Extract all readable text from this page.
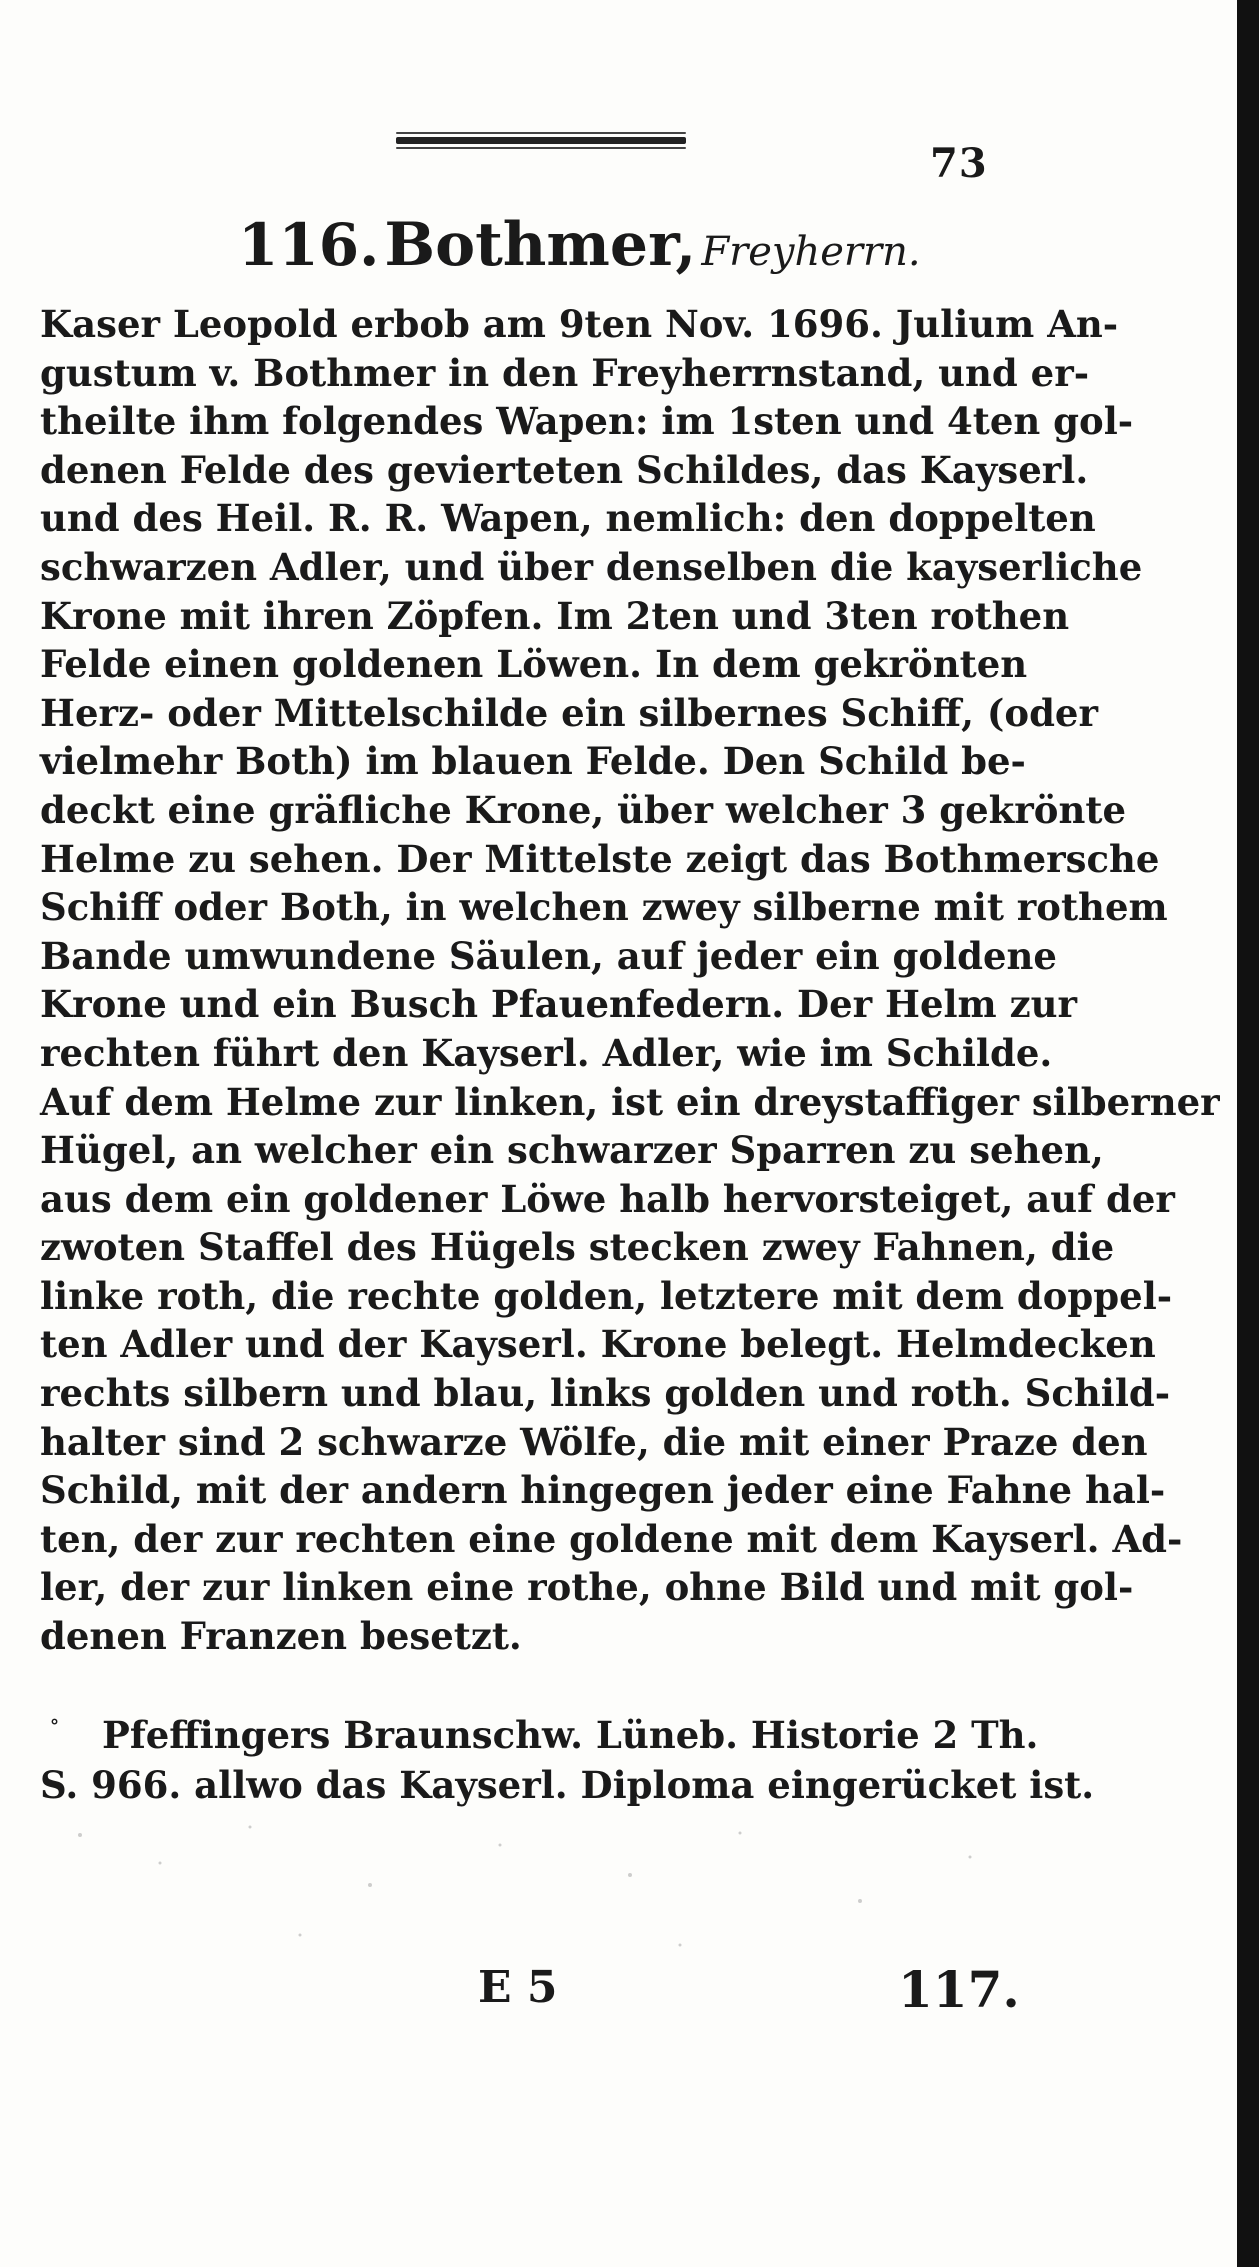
73
116. Bothmer, Freyherrn.
Kaser Leopold erbob am 9ten Nov. 1696. Julium An-
gustum v. Bothmer in den Freyherrnstand, und er-
theilte ihm folgendes Wapen: im 1sten und 4ten gol-
denen Felde des gevierteten Schildes, das Kayserl.
und des Heil. R. R. Wapen, nemlich: den doppelten
schwarzen Adler, und über denselben die kayserliche
Krone mit ihren Zöpfen. Im 2ten und 3ten rothen
Felde einen goldenen Löwen. In dem gekrönten
Herz- oder Mittelschilde ein silbernes Schiff, (oder
vielmehr Both) im blauen Felde. Den Schild be-
deckt eine gräfliche Krone, über welcher 3 gekrönte
Helme zu sehen. Der Mittelste zeigt das Bothmersche
Schiff oder Both, in welchen zwey silberne mit rothem
Bande umwundene Säulen, auf jeder ein goldene
Krone und ein Busch Pfauenfedern. Der Helm zur
rechten führt den Kayserl. Adler, wie im Schilde.
Auf dem Helme zur linken, ist ein dreystaffiger silberner
Hügel, an welcher ein schwarzer Sparren zu sehen,
aus dem ein goldener Löwe halb hervorsteiget, auf der
zwoten Staffel des Hügels stecken zwey Fahnen, die
linke roth, die rechte golden, letztere mit dem doppel-
ten Adler und der Kayserl. Krone belegt. Helmdecken
rechts silbern und blau, links golden und roth. Schild-
halter sind 2 schwarze Wölfe, die mit einer Praze den
Schild, mit der andern hingegen jeder eine Fahne hal-
ten, der zur rechten eine goldene mit dem Kayserl. Ad-
ler, der zur linken eine rothe, ohne Bild und mit gol-
denen Franzen besetzt.
° Pfeffingers Braunschw. Lüneb. Historie 2 Th.
S. 966. allwo das Kayserl. Diploma eingerücket ist.
E 5	117.
